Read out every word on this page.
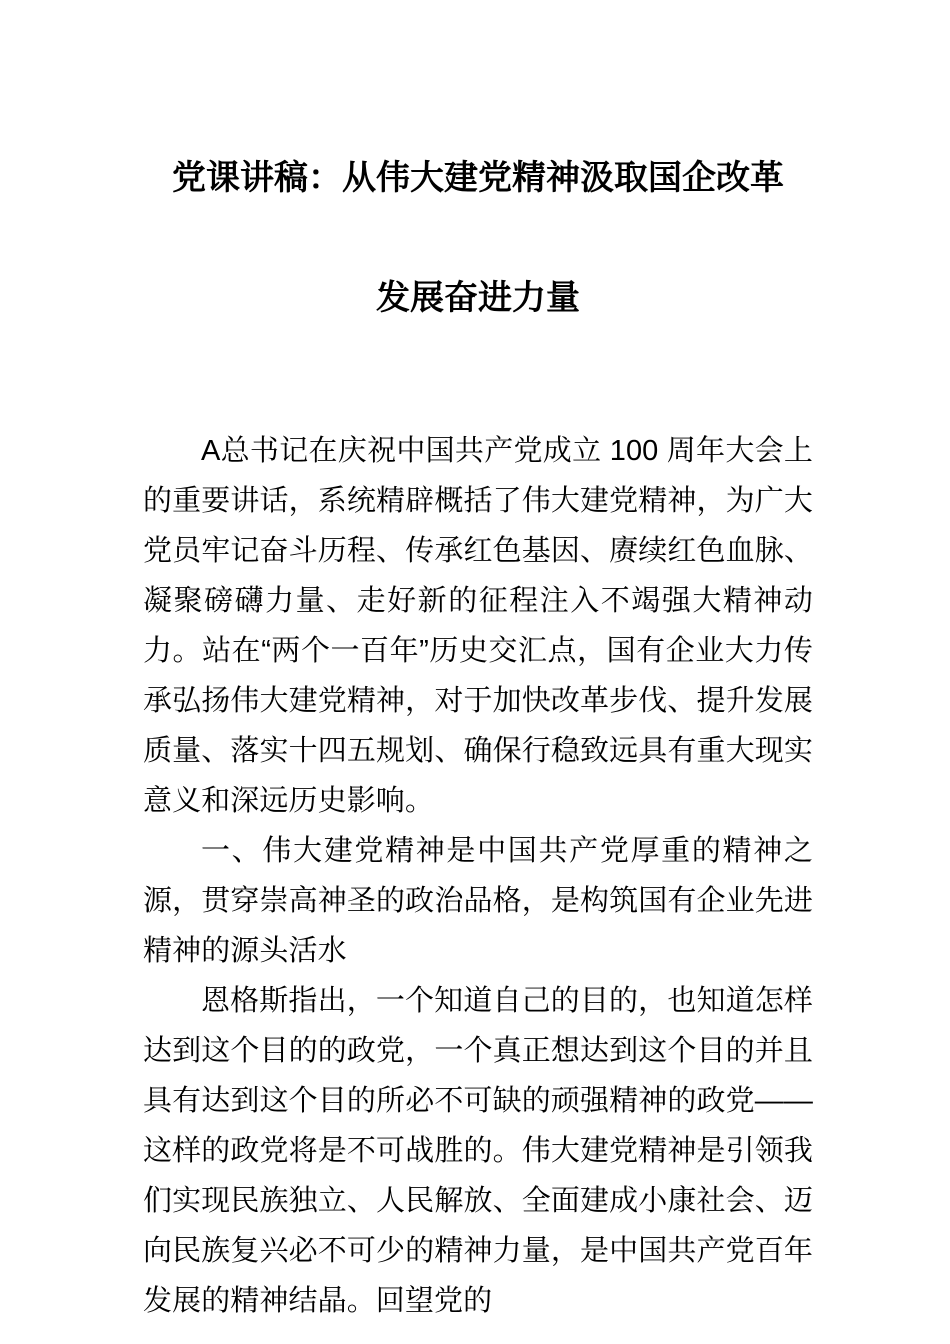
党课讲稿：从伟大建党精神汲取国企改革
发展奋进力量

A总书记在庆祝中国共产党成立 100 周年大会上的重要讲话，系统精辟概括了伟大建党精神，为广大党员牢记奋斗历程、传承红色基因、赓续红色血脉、凝聚磅礴力量、走好新的征程注入不竭强大精神动力。站在“两个一百年”历史交汇点，国有企业大力传承弘扬伟大建党精神，对于加快改革步伐、提升发展质量、落实十四五规划、确保行稳致远具有重大现实意义和深远历史影响。

一、伟大建党精神是中国共产党厚重的精神之源，贯穿崇高神圣的政治品格，是构筑国有企业先进精神的源头活水

恩格斯指出，一个知道自己的目的，也知道怎样达到这个目的的政党，一个真正想达到这个目的并且具有达到这个目的所必不可缺的顽强精神的政党——这样的政党将是不可战胜的。伟大建党精神是引领我们实现民族独立、人民解放、全面建成小康社会、迈向民族复兴必不可少的精神力量，是中国共产党百年发展的精神结晶。回望党的
